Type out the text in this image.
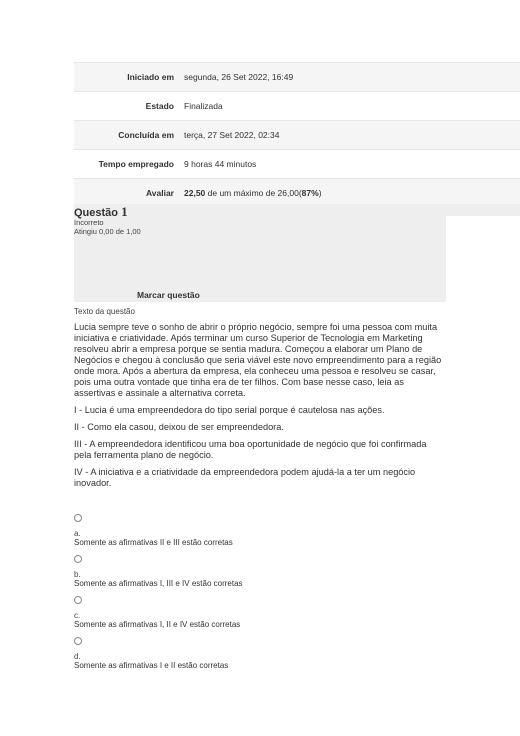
Iniciado em segunda, 26 Set 2022, 16:49
Estado Finalizada
Concluída em terça, 27 Set 2022, 02:34
Tempo empregado 9 horas 44 minutos
Avaliar 22,50 de um máximo de 26,00(87%)
Questão 1
Incorreto
Atingiu 0,00 de 1,00
Marcar questão
Texto da questão

Lucia sempre teve o sonho de abrir o próprio negócio, sempre foi uma pessoa com muita iniciativa e criatividade. Após terminar um curso Superior de Tecnologia em Marketing resolveu abrir a empresa porque se sentia madura. Começou a elaborar um Plano de Negócios e chegou à conclusão que seria viável este novo empreendimento para a região onde mora. Após a abertura da empresa, ela conheceu uma pessoa e resolveu se casar, pois uma outra vontade que tinha era de ter filhos. Com base nesse caso, leia as assertivas e assinale a alternativa correta.

I - Lucia é uma empreendedora do tipo serial porque é cautelosa nas ações.

II - Como ela casou, deixou de ser empreendedora.

III - A empreendedora identificou uma boa oportunidade de negócio que foi confirmada pela ferramenta plano de negócio.

IV - A iniciativa e a criatividade da empreendedora podem ajudá-la a ter um negócio inovador.

a.
Somente as afirmativas II e III estão corretas
b.
Somente as afirmativas I, III e IV estão corretas
c.
Somente as afirmativas I, II e IV estão corretas
d.
Somente as afirmativas I e II estão corretas
